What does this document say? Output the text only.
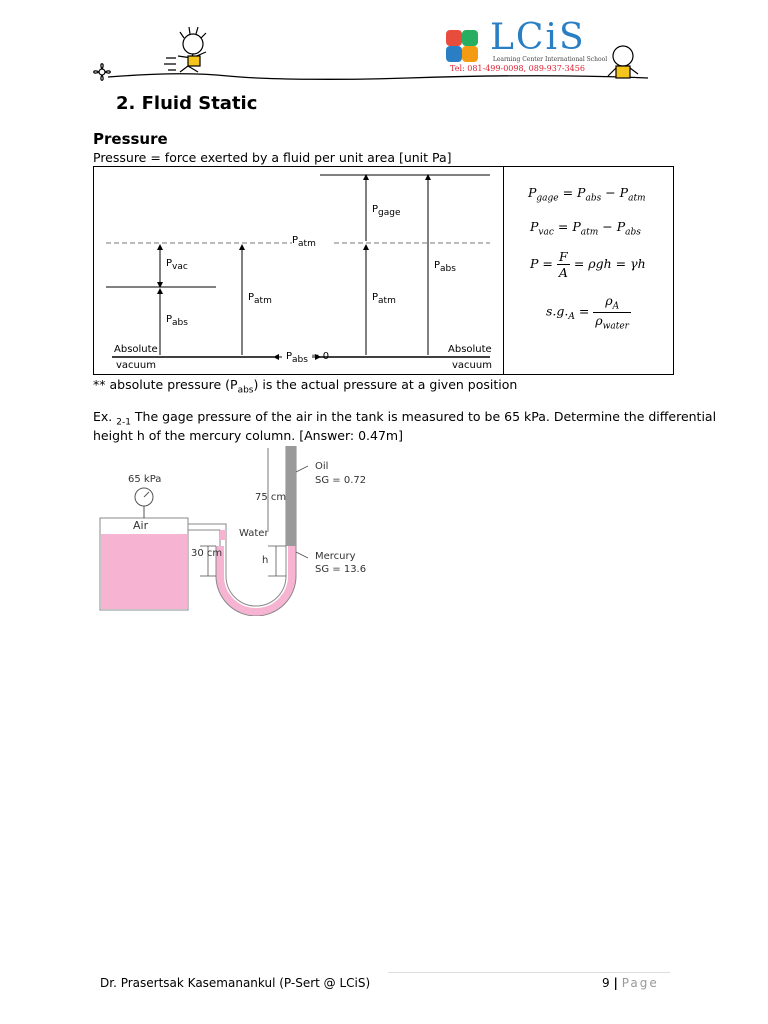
LCiS
Learning Center International School
Tel: 081-499-0098, 089-937-3456
2. Fluid Static
Pressure
Pressure = force exerted by a fluid per unit area [unit Pa]
Pvac
Pabs
Patm
Patm
Pgage
Patm
Pabs
Pabs = 0
Absolute
vacuum
Absolute
vacuum
$P_{gage} = P_{abs} - P_{atm}$
$P_{vac} = P_{atm} - P_{abs}$
$P = \frac{F}{A} = \rho gh = \gamma h$
$s.g._A = \frac{\rho_A}{\rho_{water}}$
** absolute pressure $(P_{abs})$ is the actual pressure at a given position
Ex. $_{2-1}$ The gage pressure of the air in the tank is measured to be 65 kPa. Determine the differential
height h of the mercury column. [Answer: 0.47m]
65 kPa
Air
Water
Oil
SG = 0.72
Mercury
SG = 13.6
75 cm
30 cm
h
Dr. Prasertsak Kasemanankul (P-Sert @ LCiS)	9 | Page
